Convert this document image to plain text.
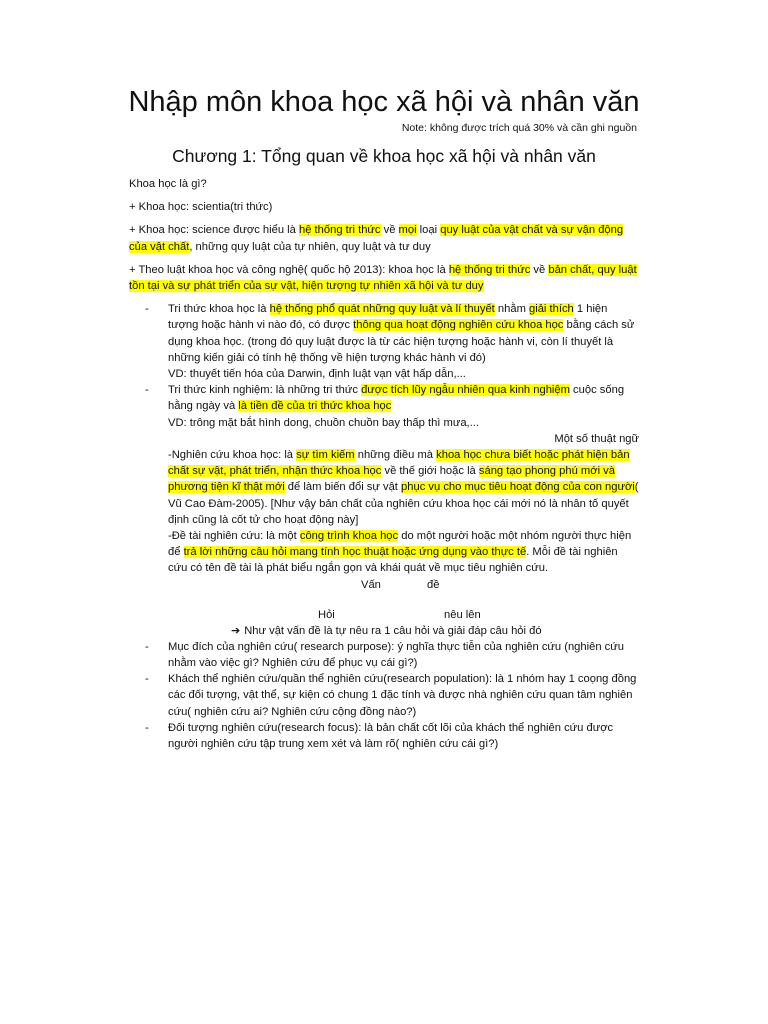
Nhập môn khoa học xã hội và nhân văn
Note: không được trích quá 30% và cần ghi nguồn
Chương 1: Tổng quan về khoa học xã hội và nhân văn

Khoa học là gì?

+ Khoa học: scientia(tri thức)

+ Khoa học: science được hiểu là hệ thống tri thức về mọi loại quy luật của vật chất và sự vận động của vật chất, những quy luật của tự nhiên, quy luật và tư duy

+ Theo luật khoa học và công nghệ( quốc hộ 2013): khoa học là hệ thống tri thức về bản chất, quy luật tồn tại và sự phát triển của sự vật, hiện tượng tự nhiên xã hội và tư duy

- Tri thức khoa học là hệ thống phổ quát những quy luật và lí thuyết nhằm giải thích 1 hiện tượng hoặc hành vi nào đó, có được thông qua hoạt động nghiên cứu khoa học bằng cách sử dụng khoa học. (trong đó quy luật được là từ các hiện tượng hoặc hành vi, còn lí thuyết là những kiến giải có tính hệ thống về hiện tượng khác hành vi đó)
VD: thuyết tiến hóa của Darwin, định luật vạn vật hấp dẫn,...
- Tri thức kinh nghiệm: là những tri thức được tích lũy ngẫu nhiên qua kinh nghiệm cuộc sống hằng ngày và là tiền đề của tri thức khoa học
VD: trông mặt bắt hình dong, chuồn chuồn bay thấp thì mưa,...
Một số thuật ngữ
-Nghiên cứu khoa học: là sự tìm kiếm những điều mà khoa học chưa biết hoặc phát hiện bản chất sự vật, phát triển, nhận thức khoa học về thế giới hoặc là sáng tạo phong phú mới và phương tiện kĩ thật mới để làm biến đổi sự vật phục vụ cho mục tiêu hoạt động của con người( Vũ Cao Đàm-2005). [Như vậy bản chất của nghiên cứu khoa học cái mới nó là nhân tố quyết định cũng là cốt tử cho hoạt động này]
-Đề tài nghiên cứu: là một công trình khoa học do một người hoặc một nhóm người thực hiện để trả lời những câu hỏi mang tính học thuật hoặc ứng dụng vào thực tế. Mỗi đề tài nghiên cứu có tên đề tài là phát biểu ngắn gọn và khái quát về mục tiêu nghiên cứu.
Vấn	đề
Hỏi	nêu lên
➔ Như vật vấn đề là tự nêu ra 1 câu hỏi và giải đáp câu hỏi đó
- Mục đích của nghiên cứu( research purpose): ý nghĩa thực tiễn của nghiên cứu (nghiên cứu nhằm vào việc gì? Nghiên cứu để phục vụ cái gì?)
- Khách thể nghiên cứu/quần thể nghiên cứu(research population): là 1 nhóm hay 1 coọng đồng các đối tượng, vật thể, sự kiện có chung 1 đặc tính và được nhà nghiên cứu quan tâm nghiên cứu( nghiên cứu ai? Nghiên cứu cộng đồng nào?)
- Đối tượng nghiên cứu(research focus): là bản chất cốt lõi của khách thể nghiên cứu được người nghiên cứu tập trung xem xét và làm rõ( nghiên cứu cái gì?)
